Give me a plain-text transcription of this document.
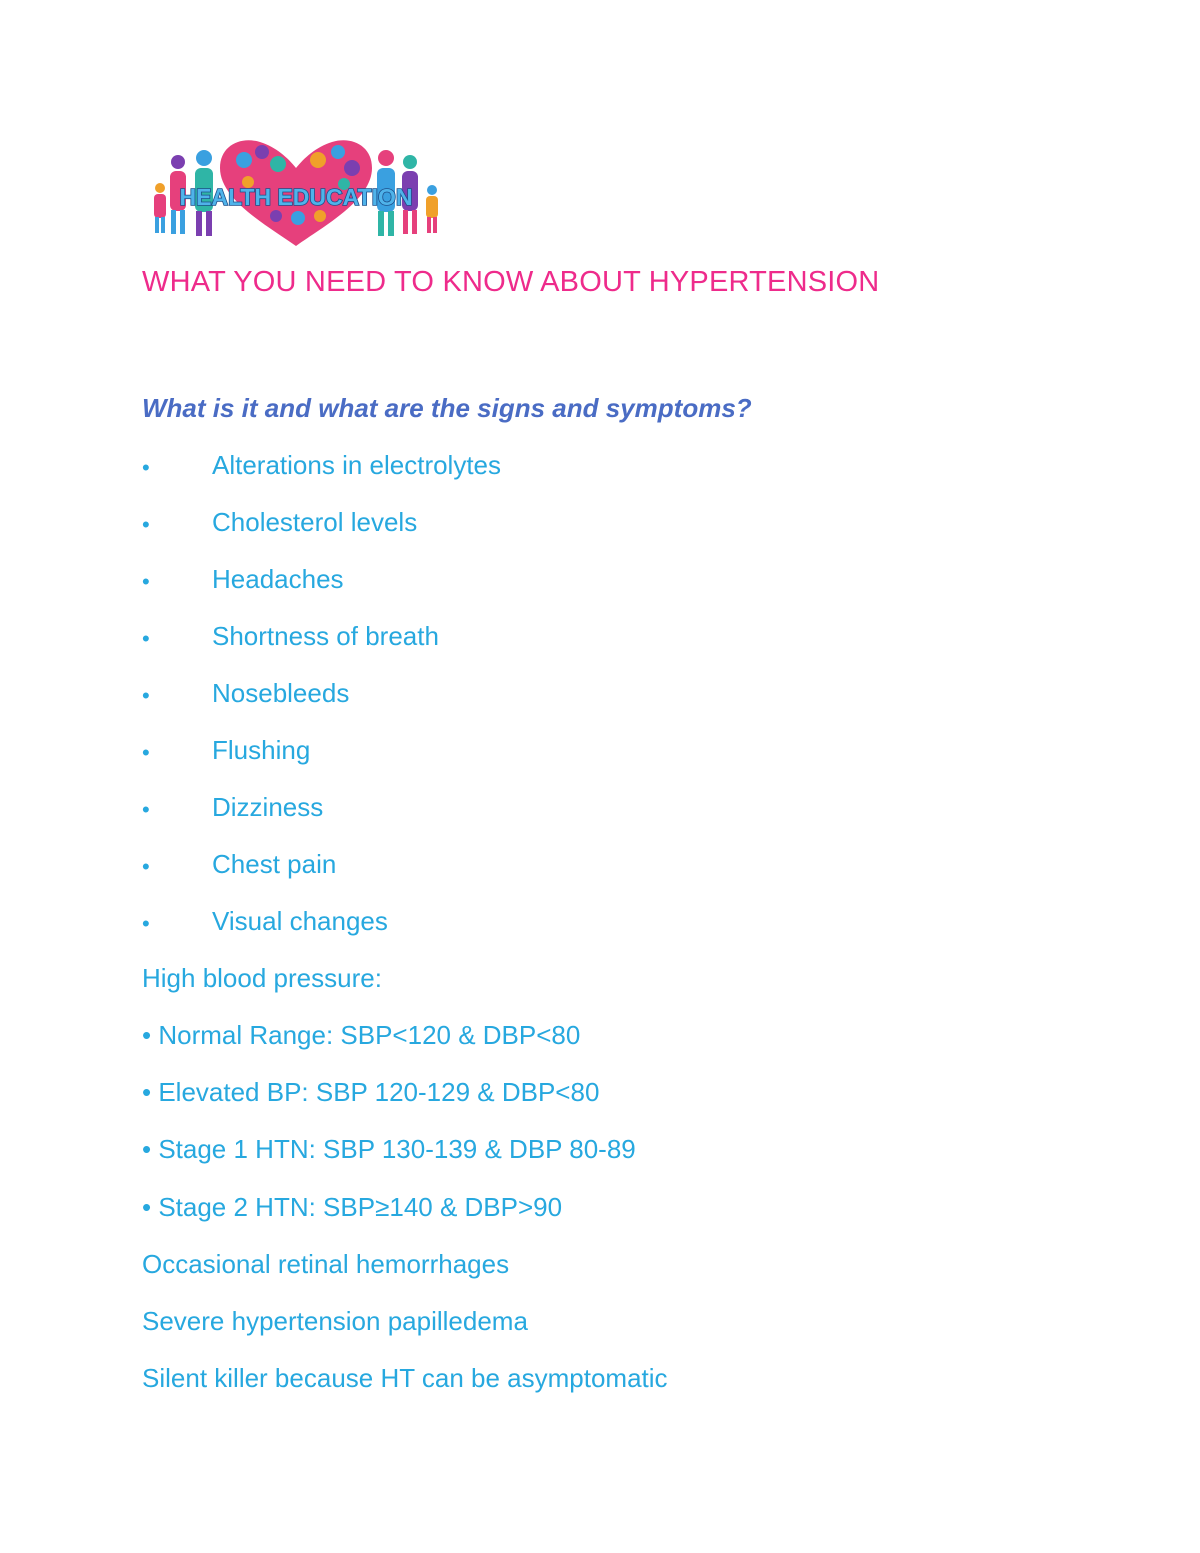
HEALTH EDUCATION
WHAT YOU NEED TO KNOW ABOUT HYPERTENSION
What is it and what are the signs and symptoms?
• Alterations in electrolytes
• Cholesterol levels
• Headaches
• Shortness of breath
• Nosebleeds
• Flushing
• Dizziness
• Chest pain
• Visual changes
High blood pressure:
• Normal Range: SBP<120 & DBP<80
• Elevated BP: SBP 120-129 & DBP<80
• Stage 1 HTN: SBP 130-139 & DBP 80-89
• Stage 2 HTN: SBP≥140 & DBP>90
Occasional retinal hemorrhages
Severe hypertension papilledema
Silent killer because HT can be asymptomatic
